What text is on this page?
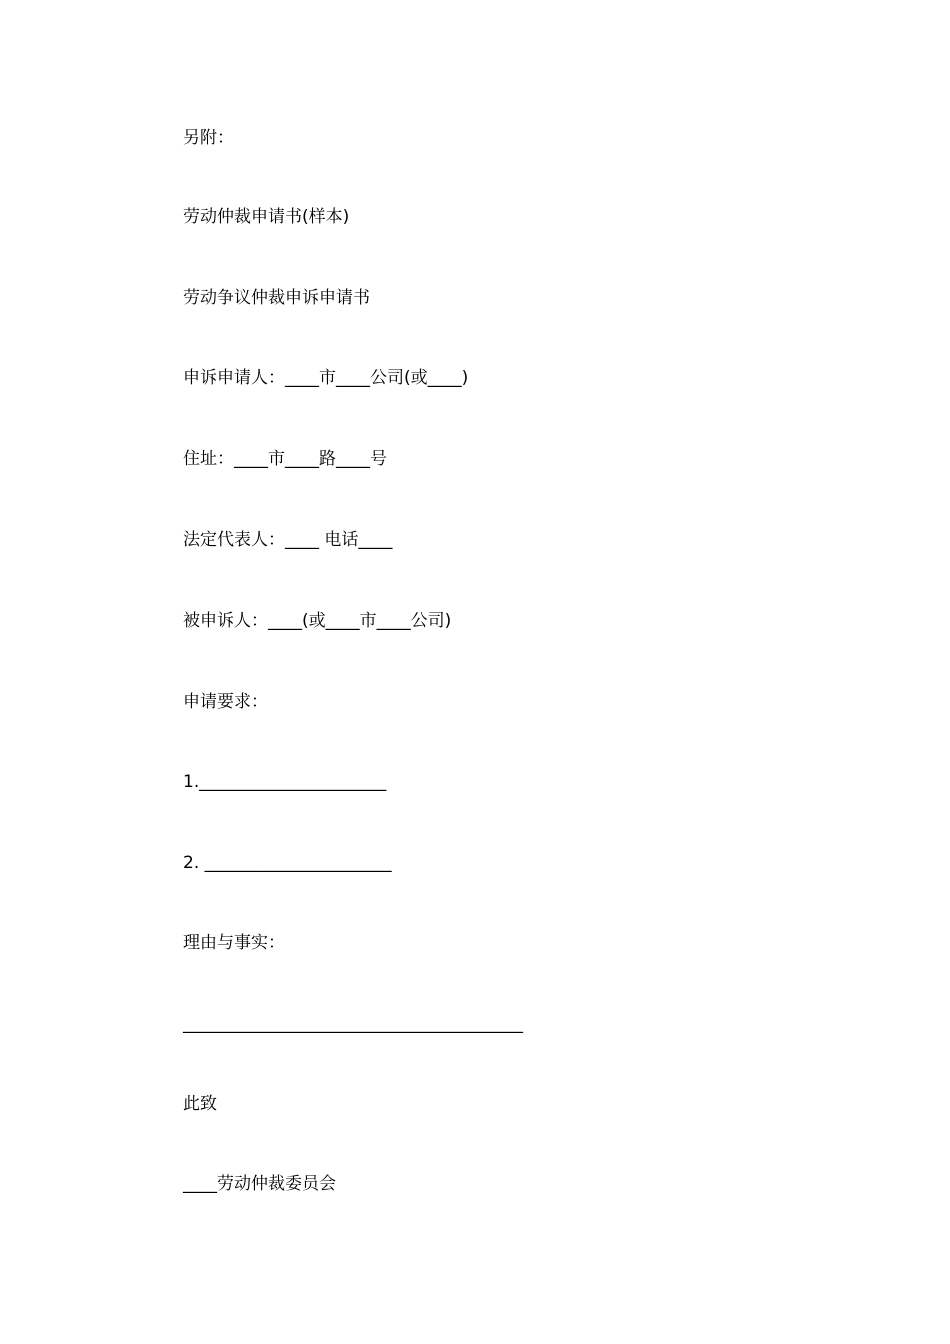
另附：
劳动仲裁申请书(样本)
劳动争议仲裁申诉申请书
申诉申请人：____市____公司(或____)
住址：____市____路____号
法定代表人：____ 电话____
被申诉人：____(或____市____公司)
申请要求：
1.______________________
2. ______________________
理由与事实：
________________________________________
此致
____劳动仲裁委员会
